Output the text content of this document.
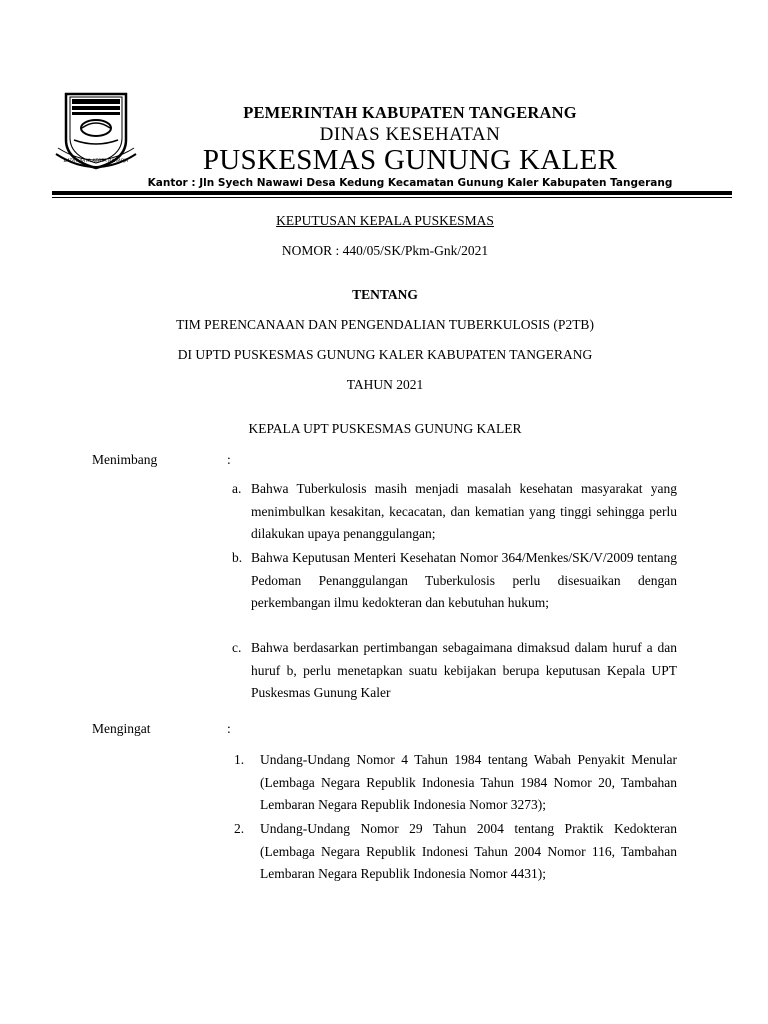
BATA KARYA KERTA RAHARJA
PEMERINTAH KABUPATEN TANGERANG
DINAS KESEHATAN
PUSKESMAS GUNUNG KALER
Kantor : Jln Syech Nawawi Desa Kedung Kecamatan Gunung Kaler Kabupaten Tangerang
KEPUTUSAN KEPALA PUSKESMAS
NOMOR : 440/05/SK/Pkm-Gnk/2021
TENTANG
TIM PERENCANAAN DAN PENGENDALIAN TUBERKULOSIS (P2TB)
DI UPTD PUSKESMAS GUNUNG KALER KABUPATEN TANGERANG
TAHUN 2021
KEPALA UPT PUSKESMAS GUNUNG KALER
Menimbang	:
a. Bahwa Tuberkulosis masih menjadi masalah kesehatan masyarakat yang menimbulkan kesakitan, kecacatan, dan kematian yang tinggi sehingga perlu dilakukan upaya penanggulangan;
b. Bahwa Keputusan Menteri Kesehatan Nomor 364/Menkes/SK/V/2009 tentang Pedoman Penanggulangan Tuberkulosis perlu disesuaikan dengan perkembangan ilmu kedokteran dan kebutuhan hukum;
c. Bahwa berdasarkan pertimbangan sebagaimana dimaksud dalam huruf a dan huruf b, perlu menetapkan suatu kebijakan berupa keputusan Kepala UPT Puskesmas Gunung Kaler
Mengingat	:
1. Undang-Undang Nomor 4 Tahun 1984 tentang Wabah Penyakit Menular (Lembaga Negara Republik Indonesia Tahun 1984 Nomor 20, Tambahan Lembaran Negara Republik Indonesia Nomor 3273);
2. Undang-Undang Nomor 29 Tahun 2004 tentang Praktik Kedokteran (Lembaga Negara Republik Indonesi Tahun 2004 Nomor 116, Tambahan Lembaran Negara Republik Indonesia Nomor 4431);
